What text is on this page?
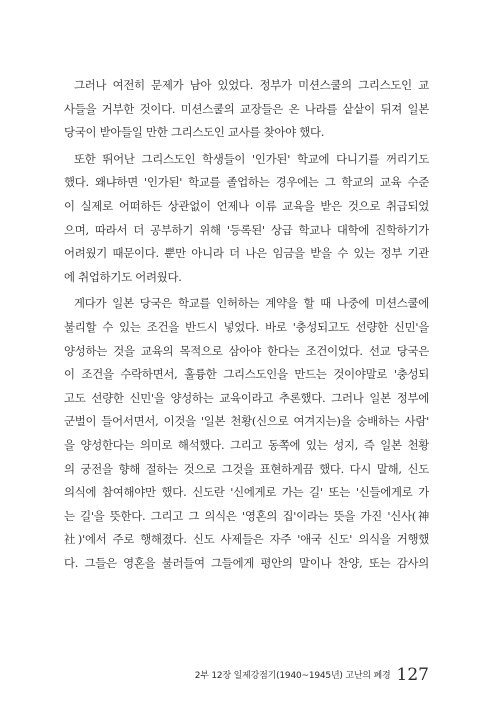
그러나 여전히 문제가 남아 있었다. 정부가 미션스쿨의 그리스도인 교
사들을 거부한 것이다. 미션스쿨의 교장들은 온 나라를 샅샅이 뒤져 일본
당국이 받아들일 만한 그리스도인 교사를 찾아야 했다.
또한 뛰어난 그리스도인 학생들이 '인가된' 학교에 다니기를 꺼리기도
했다. 왜냐하면 '인가된' 학교를 졸업하는 경우에는 그 학교의 교육 수준
이 실제로 어떠하든 상관없이 언제나 이류 교육을 받은 것으로 취급되었
으며, 따라서 더 공부하기 위해 '등록된' 상급 학교나 대학에 진학하기가
어려웠기 때문이다. 뿐만 아니라 더 나은 임금을 받을 수 있는 정부 기관
에 취업하기도 어려웠다.
게다가 일본 당국은 학교를 인허하는 계약을 할 때 나중에 미션스쿨에
불리할 수 있는 조건을 반드시 넣었다. 바로 '충성되고도 선량한 신민'을
양성하는 것을 교육의 목적으로 삼아야 한다는 조건이었다. 선교 당국은
이 조건을 수락하면서, 훌륭한 그리스도인을 만드는 것이야말로 '충성되
고도 선량한 신민'을 양성하는 교육이라고 추론했다. 그러나 일본 정부에
군벌이 들어서면서, 이것을 '일본 천황(신으로 여겨지는)을 숭배하는 사람'
을 양성한다는 의미로 해석했다. 그리고 동쪽에 있는 성지, 즉 일본 천황
의 궁전을 향해 절하는 것으로 그것을 표현하게끔 했다. 다시 말해, 신도
의식에 참여해야만 했다. 신도란 '신에게로 가는 길' 또는 '신들에게로 가
는 길'을 뜻한다. 그리고 그 의식은 '영혼의 집'이라는 뜻을 가진 '신사(神
社)'에서 주로 행해졌다. 신도 사제들은 자주 '애국 신도' 의식을 거행했
다. 그들은 영혼을 불러들여 그들에게 평안의 말이나 찬양, 또는 감사의
2부 12장 일제강점기(1940~1945년) 고난의 폐경 127
